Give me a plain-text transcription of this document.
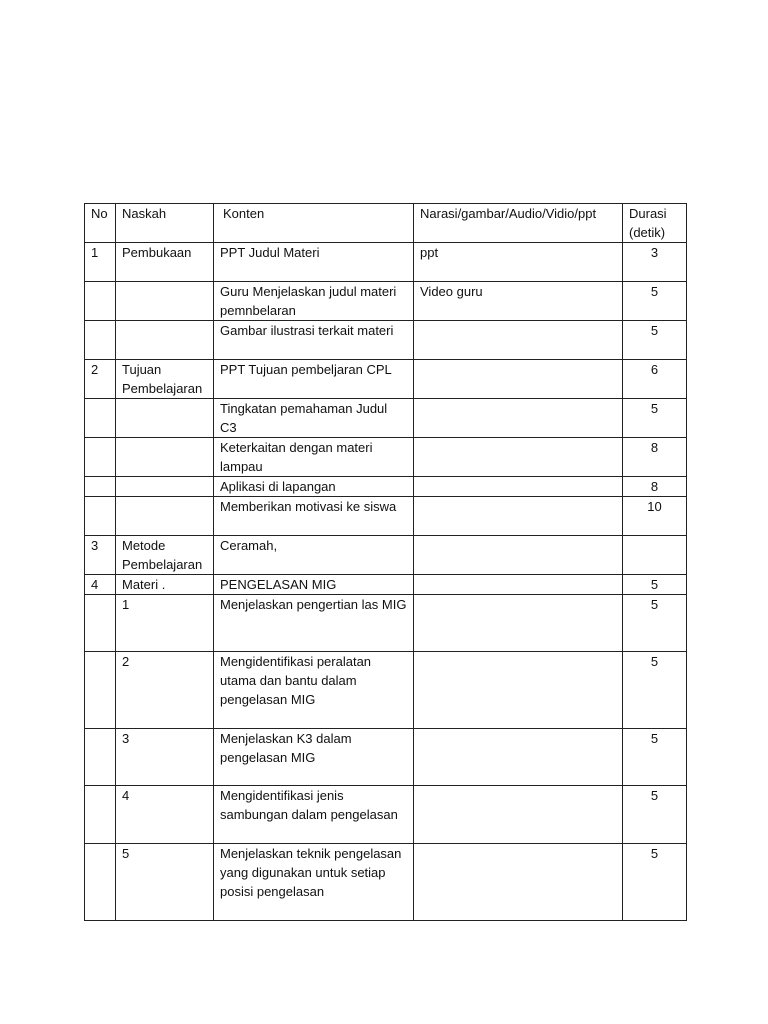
No	Naskah	Konten	Narasi/gambar/Audio/Vidio/ppt	Durasi (detik)
1	Pembukaan	PPT Judul Materi	ppt	3
		Guru Menjelaskan judul materi pemnbelaran	Video guru	5
		Gambar ilustrasi terkait materi		5
2	Tujuan Pembelajaran	PPT Tujuan pembeljaran CPL		6
		Tingkatan pemahaman Judul C3		5
		Keterkaitan dengan materi lampau		8
		Aplikasi di lapangan		8
		Memberikan motivasi ke siswa		10
3	Metode Pembelajaran	Ceramah,		
4	Materi .	PENGELASAN MIG		5
	1	Menjelaskan pengertian las MIG		5
	2	Mengidentifikasi peralatan utama dan bantu dalam pengelasan MIG		5
	3	Menjelaskan K3 dalam pengelasan MIG		5
	4	Mengidentifikasi jenis sambungan dalam pengelasan		5
	5	Menjelaskan teknik pengelasan yang digunakan untuk setiap posisi pengelasan		5
